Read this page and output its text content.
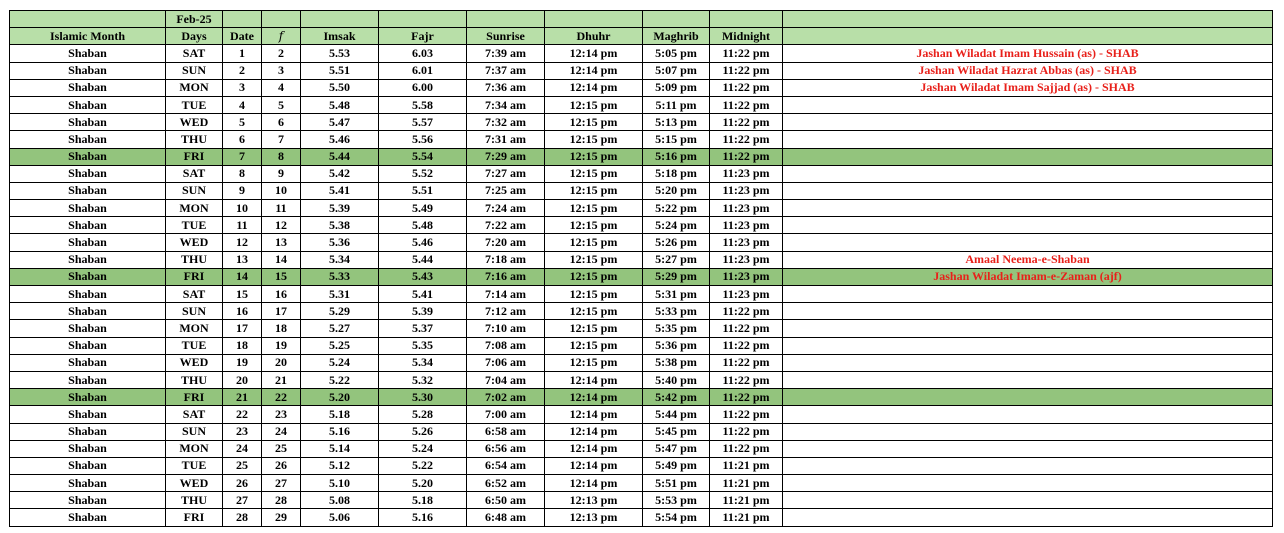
	Feb-25									
Islamic Month	Days	Date	f	Imsak	Fajr	Sunrise	Dhuhr	Maghrib	Midnight	
Shaban	SAT	1	2	5.53	6.03	7:39 am	12:14 pm	5:05 pm	11:22 pm	Jashan Wiladat Imam Hussain (as) - SHAB
Shaban	SUN	2	3	5.51	6.01	7:37 am	12:14 pm	5:07 pm	11:22 pm	Jashan Wiladat Hazrat Abbas (as) - SHAB
Shaban	MON	3	4	5.50	6.00	7:36 am	12:14 pm	5:09 pm	11:22 pm	Jashan Wiladat Imam Sajjad (as) - SHAB
Shaban	TUE	4	5	5.48	5.58	7:34 am	12:15 pm	5:11 pm	11:22 pm	
Shaban	WED	5	6	5.47	5.57	7:32 am	12:15 pm	5:13 pm	11:22 pm	
Shaban	THU	6	7	5.46	5.56	7:31 am	12:15 pm	5:15 pm	11:22 pm	
Shaban	FRI	7	8	5.44	5.54	7:29 am	12:15 pm	5:16 pm	11:22 pm	
Shaban	SAT	8	9	5.42	5.52	7:27 am	12:15 pm	5:18 pm	11:23 pm	
Shaban	SUN	9	10	5.41	5.51	7:25 am	12:15 pm	5:20 pm	11:23 pm	
Shaban	MON	10	11	5.39	5.49	7:24 am	12:15 pm	5:22 pm	11:23 pm	
Shaban	TUE	11	12	5.38	5.48	7:22 am	12:15 pm	5:24 pm	11:23 pm	
Shaban	WED	12	13	5.36	5.46	7:20 am	12:15 pm	5:26 pm	11:23 pm	
Shaban	THU	13	14	5.34	5.44	7:18 am	12:15 pm	5:27 pm	11:23 pm	Amaal Neema-e-Shaban
Shaban	FRI	14	15	5.33	5.43	7:16 am	12:15 pm	5:29 pm	11:23 pm	Jashan Wiladat Imam-e-Zaman (ajf)
Shaban	SAT	15	16	5.31	5.41	7:14 am	12:15 pm	5:31 pm	11:23 pm	
Shaban	SUN	16	17	5.29	5.39	7:12 am	12:15 pm	5:33 pm	11:22 pm	
Shaban	MON	17	18	5.27	5.37	7:10 am	12:15 pm	5:35 pm	11:22 pm	
Shaban	TUE	18	19	5.25	5.35	7:08 am	12:15 pm	5:36 pm	11:22 pm	
Shaban	WED	19	20	5.24	5.34	7:06 am	12:15 pm	5:38 pm	11:22 pm	
Shaban	THU	20	21	5.22	5.32	7:04 am	12:14 pm	5:40 pm	11:22 pm	
Shaban	FRI	21	22	5.20	5.30	7:02 am	12:14 pm	5:42 pm	11:22 pm	
Shaban	SAT	22	23	5.18	5.28	7:00 am	12:14 pm	5:44 pm	11:22 pm	
Shaban	SUN	23	24	5.16	5.26	6:58 am	12:14 pm	5:45 pm	11:22 pm	
Shaban	MON	24	25	5.14	5.24	6:56 am	12:14 pm	5:47 pm	11:22 pm	
Shaban	TUE	25	26	5.12	5.22	6:54 am	12:14 pm	5:49 pm	11:21 pm	
Shaban	WED	26	27	5.10	5.20	6:52 am	12:14 pm	5:51 pm	11:21 pm	
Shaban	THU	27	28	5.08	5.18	6:50 am	12:13 pm	5:53 pm	11:21 pm	
Shaban	FRI	28	29	5.06	5.16	6:48 am	12:13 pm	5:54 pm	11:21 pm	
